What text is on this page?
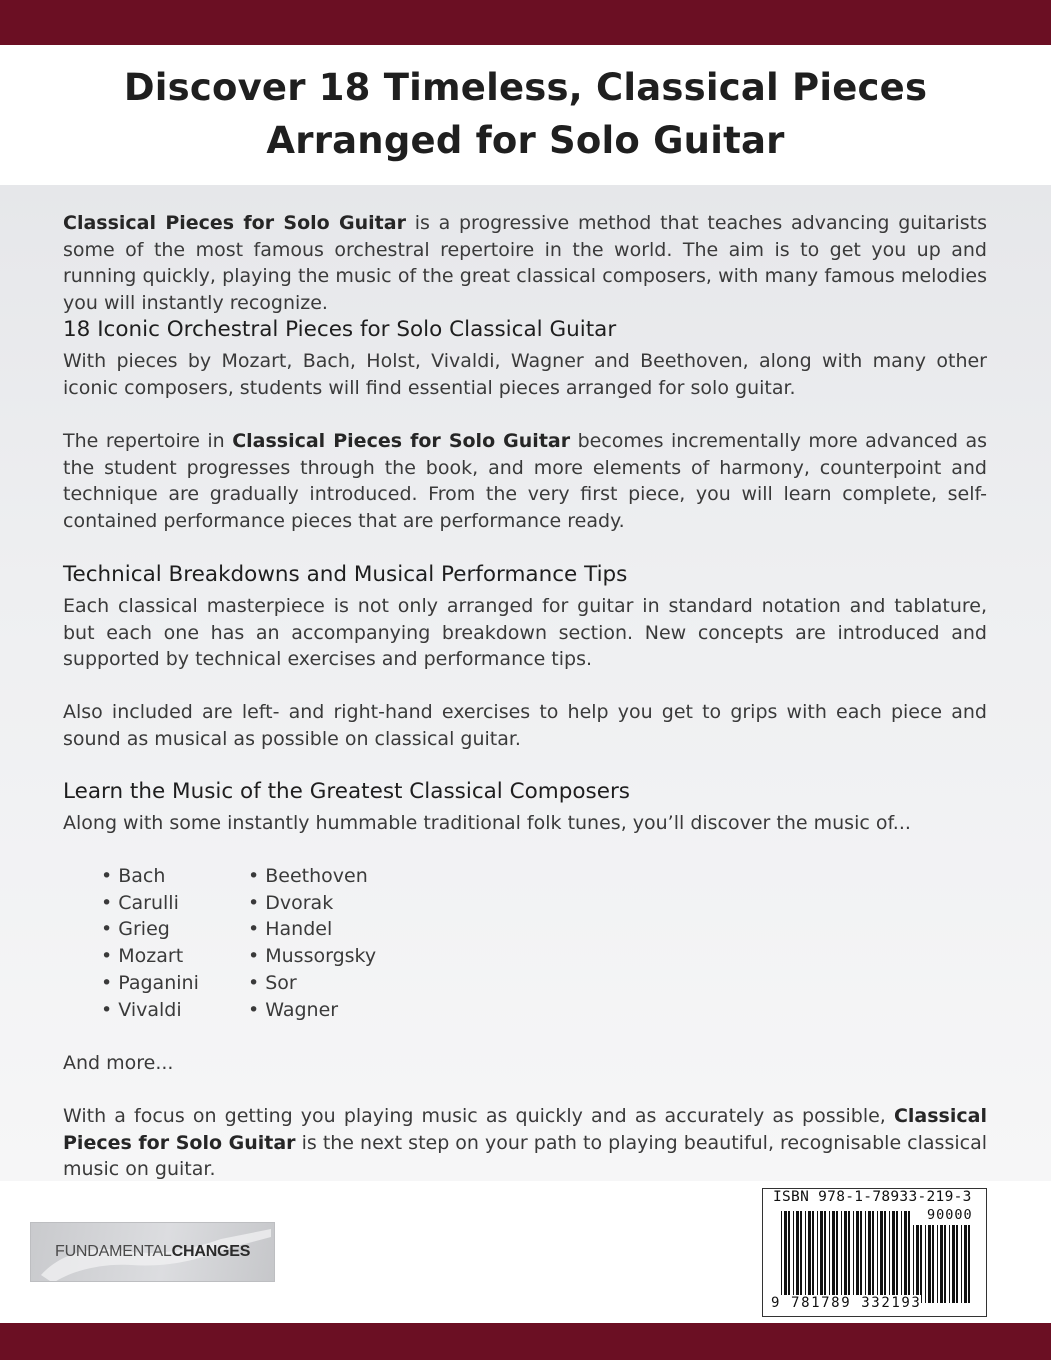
Discover 18 Timeless, Classical Pieces
Arranged for Solo Guitar

Classical Pieces for Solo Guitar is a progressive method that teaches advancing guitarists some of the most famous orchestral repertoire in the world. The aim is to get you up and running quickly, playing the music of the great classical composers, with many famous melodies you will instantly recognize.

18 Iconic Orchestral Pieces for Solo Classical Guitar

With pieces by Mozart, Bach, Holst, Vivaldi, Wagner and Beethoven, along with many other iconic composers, students will find essential pieces arranged for solo guitar.

The repertoire in Classical Pieces for Solo Guitar becomes incrementally more advanced as the student progresses through the book, and more elements of harmony, counterpoint and technique are gradually introduced. From the very first piece, you will learn complete, self-contained performance pieces that are performance ready.

Technical Breakdowns and Musical Performance Tips

Each classical masterpiece is not only arranged for guitar in standard notation and tablature, but each one has an accompanying breakdown section. New concepts are introduced and supported by technical exercises and performance tips.

Also included are left- and right-hand exercises to help you get to grips with each piece and sound as musical as possible on classical guitar.

Learn the Music of the Greatest Classical Composers

Along with some instantly hummable traditional folk tunes, you’ll discover the music of...

• Bach
• Carulli
• Grieg
• Mozart
• Paganini
• Vivaldi
• Beethoven
• Dvorak
• Handel
• Mussorgsky
• Sor
• Wagner

And more...

With a focus on getting you playing music as quickly and as accurately as possible, Classical Pieces for Solo Guitar is the next step on your path to playing beautiful, recognisable classical music on guitar.

FUNDAMENTALCHANGES
ISBN 978-1-78933-219-3
90000
9 781789 332193
